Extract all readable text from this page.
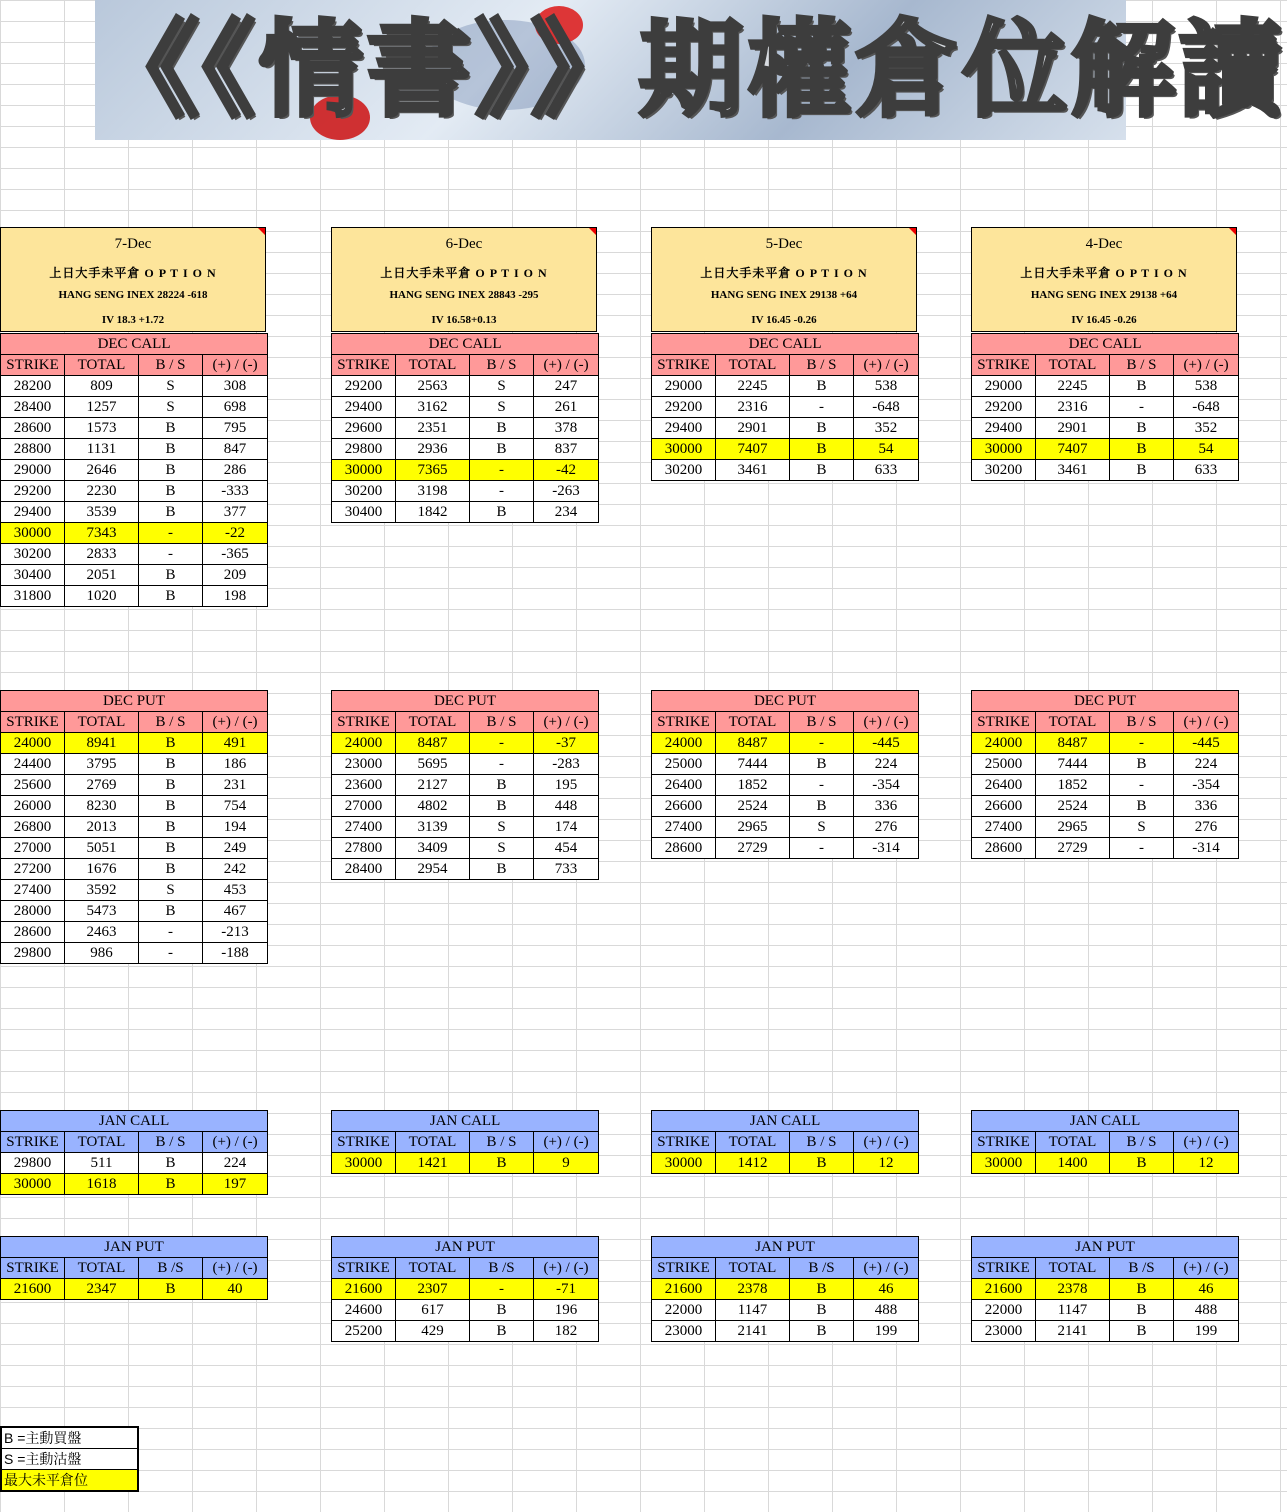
《《情書》》期權倉位解讀
7-Dec
上日大手未平倉 O P T I O N
HANG SENG INEX 28224 -618
IV 18.3 +1.72
DEC CALL			
STRIKE	TOTAL	B / S	(+) / (-)
28200	809	S	308
28400	1257	S	698
28600	1573	B	795
28800	1131	B	847
29000	2646	B	286
29200	2230	B	-333
29400	3539	B	377
30000	7343	-	-22
30200	2833	-	-365
30400	2051	B	209
31800	1020	B	198
DEC PUT			
STRIKE	TOTAL	B / S	(+) / (-)
24000	8941	B	491
24400	3795	B	186
25600	2769	B	231
26000	8230	B	754
26800	2013	B	194
27000	5051	B	249
27200	1676	B	242
27400	3592	S	453
28000	5473	B	467
28600	2463	-	-213
29800	986	-	-188
JAN CALL			
STRIKE	TOTAL	B / S	(+) / (-)
29800	511	B	224
30000	1618	B	197
JAN PUT			
STRIKE	TOTAL	B /S	(+) / (-)
21600	2347	B	40
6-Dec
上日大手未平倉 O P T I O N
HANG SENG INEX 28843 -295
IV 16.58+0.13
DEC CALL			
STRIKE	TOTAL	B / S	(+) / (-)
29200	2563	S	247
29400	3162	S	261
29600	2351	B	378
29800	2936	B	837
30000	7365	-	-42
30200	3198	-	-263
30400	1842	B	234
DEC PUT			
STRIKE	TOTAL	B / S	(+) / (-)
24000	8487	-	-37
23000	5695	-	-283
23600	2127	B	195
27000	4802	B	448
27400	3139	S	174
27800	3409	S	454
28400	2954	B	733
JAN CALL			
STRIKE	TOTAL	B / S	(+) / (-)
30000	1421	B	9
JAN PUT			
STRIKE	TOTAL	B /S	(+) / (-)
21600	2307	-	-71
24600	617	B	196
25200	429	B	182
5-Dec
上日大手未平倉 O P T I O N
HANG SENG INEX 29138 +64
IV 16.45 -0.26
DEC CALL			
STRIKE	TOTAL	B / S	(+) / (-)
29000	2245	B	538
29200	2316	-	-648
29400	2901	B	352
30000	7407	B	54
30200	3461	B	633
DEC PUT			
STRIKE	TOTAL	B / S	(+) / (-)
24000	8487	-	-445
25000	7444	B	224
26400	1852	-	-354
26600	2524	B	336
27400	2965	S	276
28600	2729	-	-314
JAN CALL			
STRIKE	TOTAL	B / S	(+) / (-)
30000	1412	B	12
JAN PUT			
STRIKE	TOTAL	B /S	(+) / (-)
21600	2378	B	46
22000	1147	B	488
23000	2141	B	199
4-Dec
上日大手未平倉 O P T I O N
HANG SENG INEX 29138 +64
IV 16.45 -0.26
DEC CALL			
STRIKE	TOTAL	B / S	(+) / (-)
29000	2245	B	538
29200	2316	-	-648
29400	2901	B	352
30000	7407	B	54
30200	3461	B	633
DEC PUT			
STRIKE	TOTAL	B / S	(+) / (-)
24000	8487	-	-445
25000	7444	B	224
26400	1852	-	-354
26600	2524	B	336
27400	2965	S	276
28600	2729	-	-314
JAN CALL			
STRIKE	TOTAL	B / S	(+) / (-)
30000	1400	B	12
JAN PUT			
STRIKE	TOTAL	B /S	(+) / (-)
21600	2378	B	46
22000	1147	B	488
23000	2141	B	199
B =主動買盤
S =主動沽盤
最大未平倉位
